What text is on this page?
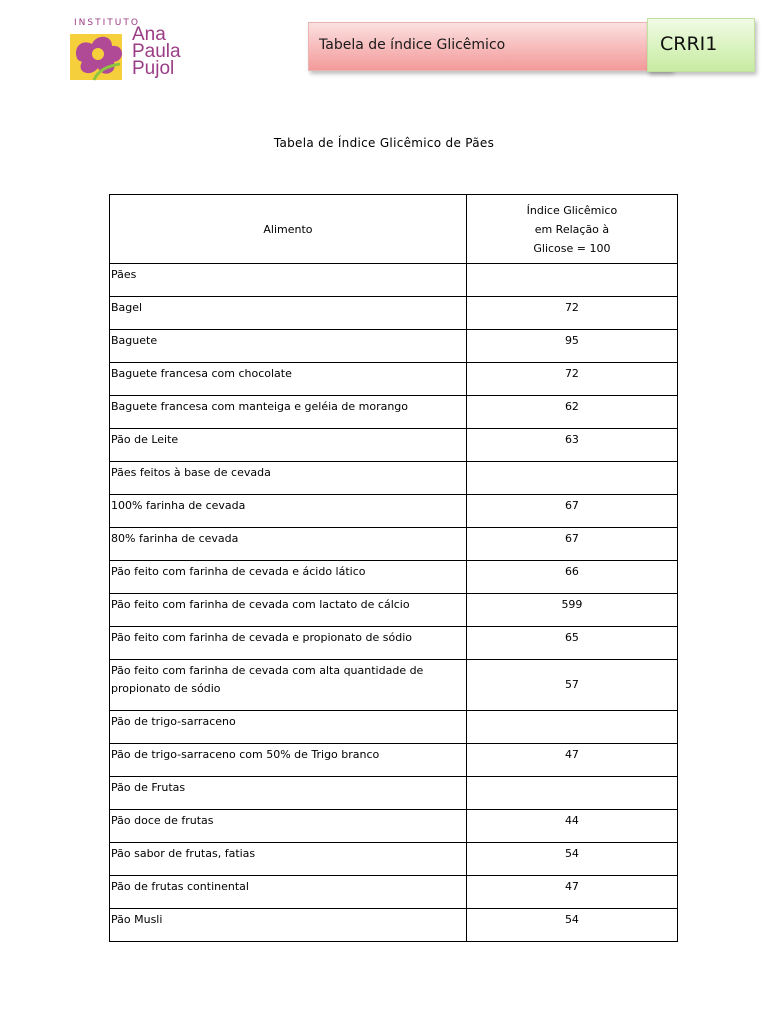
INSTITUTO
Ana
Paula
Pujol
Tabela de índice Glicêmico	CRRI1
Tabela de Índice Glicêmico de Pães
Alimento	Índice Glicêmico
em Relação à
Glicose = 100

Pães	
Bagel	72
Baguete	95
Baguete francesa com chocolate	72
Baguete francesa com manteiga e geléia de morango	62
Pão de Leite	63
Pães feitos à base de cevada	
100% farinha de cevada	67
80% farinha de cevada	67
Pão feito com farinha de cevada e ácido lático	66
Pão feito com farinha de cevada com lactato de cálcio	599
Pão feito com farinha de cevada e propionato de sódio	65
Pão feito com farinha de cevada com alta quantidade de propionato de sódio	57
Pão de trigo-sarraceno	
Pão de trigo-sarraceno com 50% de Trigo branco	47
Pão de Frutas	
Pão doce de frutas	44
Pão sabor de frutas, fatias	54
Pão de frutas continental	47
Pão Musli	54
